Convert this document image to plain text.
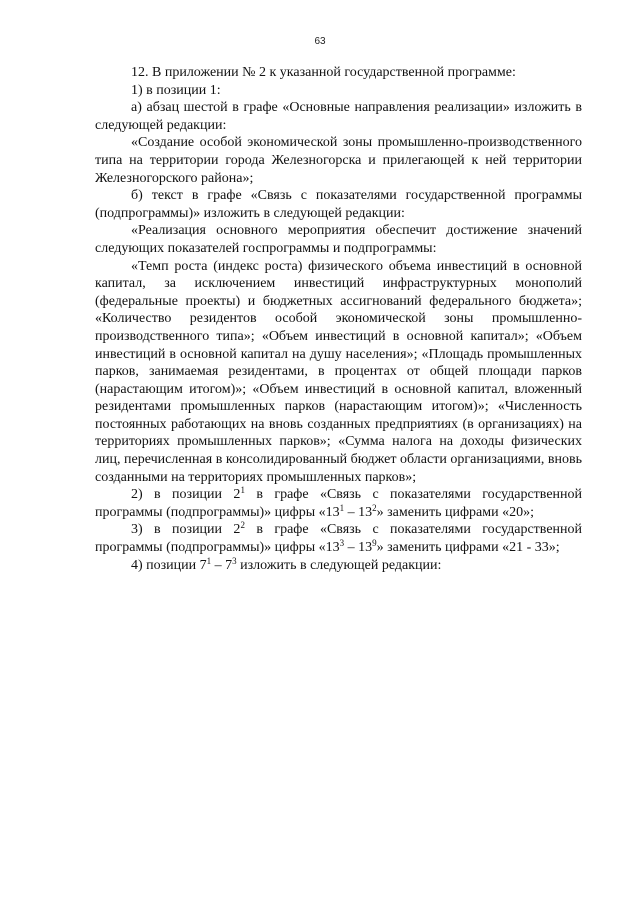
63

12. В приложении № 2 к указанной государственной программе:

1) в позиции 1:

а) абзац шестой в графе «Основные направления реализации» изложить в следующей редакции:

«Создание особой экономической зоны промышленно-производственного типа на территории города Железногорска и прилегающей к ней территории Железногорского района»;

б) текст в графе «Связь с показателями государственной программы (подпрограммы)» изложить в следующей редакции:

«Реализация основного мероприятия обеспечит достижение значений следующих показателей госпрограммы и подпрограммы:

«Темп роста (индекс роста) физического объема инвестиций в основной капитал, за исключением инвестиций инфраструктурных монополий (федеральные проекты) и бюджетных ассигнований федерального бюджета»; «Количество резидентов особой экономической зоны промышленно-производственного типа»; «Объем инвестиций в основной капитал»; «Объем инвестиций в основной капитал на душу населения»; «Площадь промышленных парков, занимаемая резидентами, в процентах от общей площади парков (нарастающим итогом)»; «Объем инвестиций в основной капитал, вложенный резидентами промышленных парков (нарастающим итогом)»; «Численность постоянных работающих на вновь созданных предприятиях (в организациях) на территориях промышленных парков»; «Сумма налога на доходы физических лиц, перечисленная в консолидированный бюджет области организациями, вновь созданными на территориях промышленных парков»;

2) в позиции $2^1$ в графе «Связь с показателями государственной программы (подпрограммы)» цифры «$13^1 - 13^2$» заменить цифрами «20»;

3) в позиции $2^2$ в графе «Связь с показателями государственной программы (подпрограммы)» цифры «$13^3 - 13^9$» заменить цифрами «21 - 33»;

4) позиции $7^1 - 7^3$ изложить в следующей редакции:
